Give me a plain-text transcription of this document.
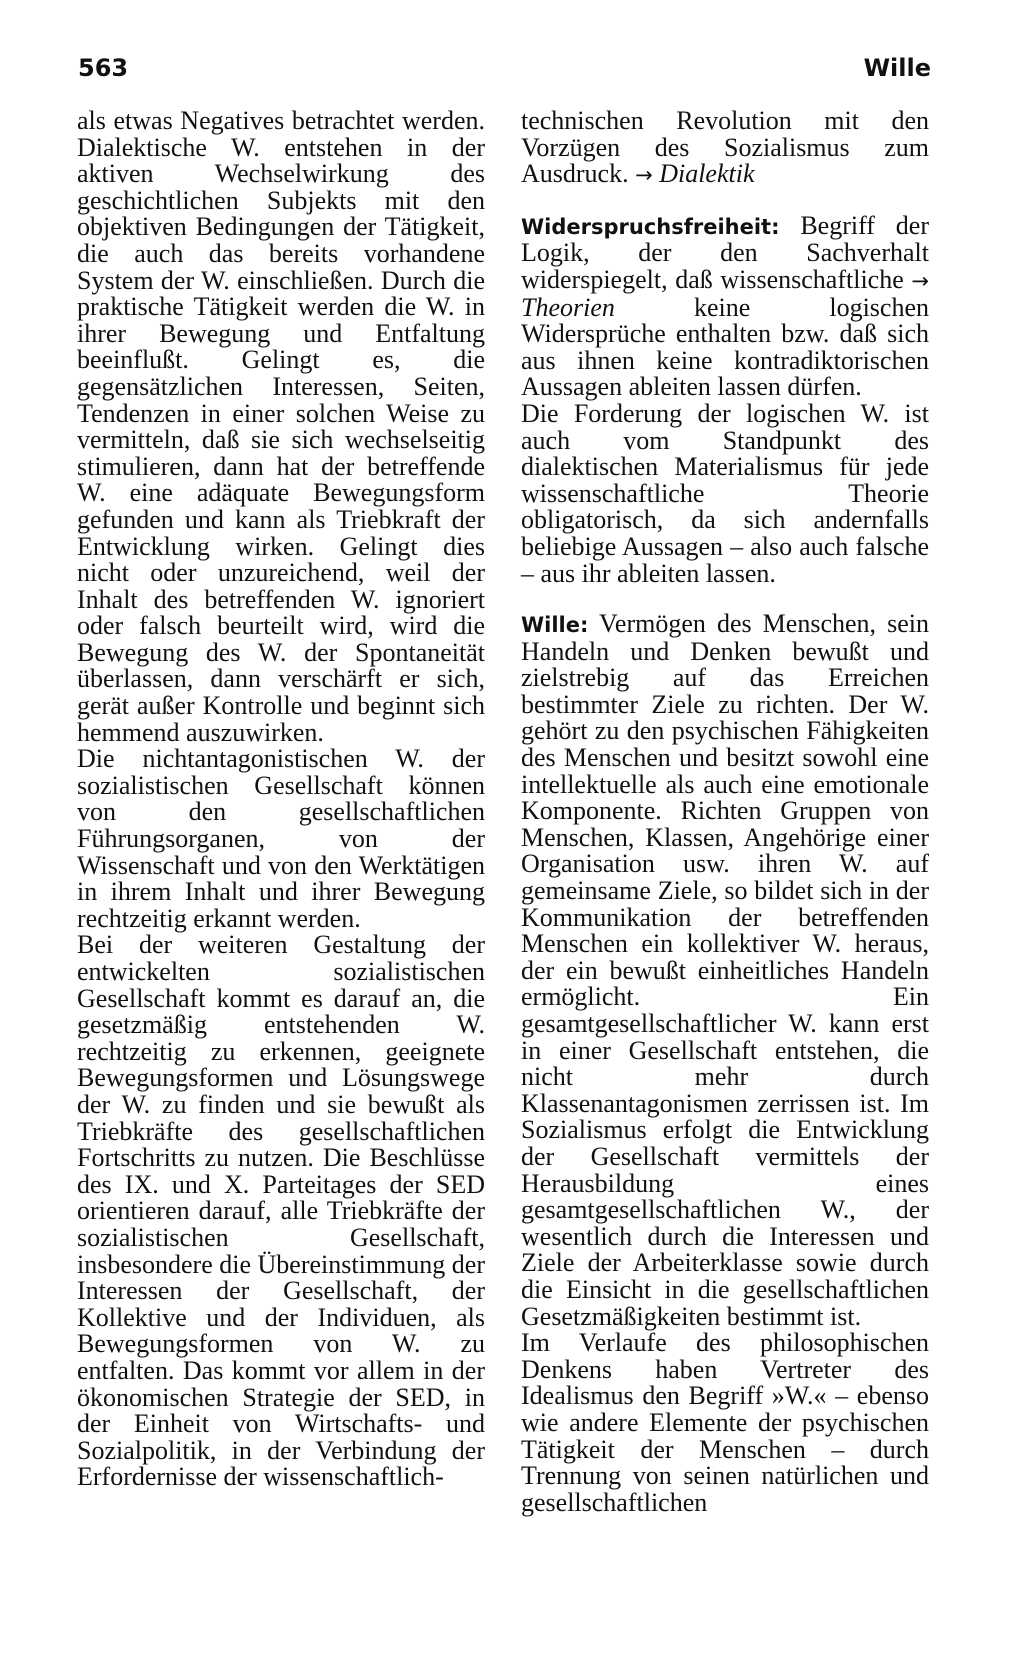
563	Wille

als etwas Negatives betrachtet werden. Dialektische W. entstehen in der aktiven Wechselwirkung des geschichtlichen Subjekts mit den objektiven Bedingungen der Tätigkeit, die auch das bereits vorhandene System der W. einschließen. Durch die praktische Tätigkeit werden die W. in ihrer Bewegung und Entfaltung beeinflußt. Gelingt es, die gegensätzlichen Interessen, Seiten, Tendenzen in einer solchen Weise zu vermitteln, daß sie sich wechselseitig stimulieren, dann hat der betreffende W. eine adäquate Bewegungsform gefunden und kann als Triebkraft der Entwicklung wirken. Gelingt dies nicht oder unzureichend, weil der Inhalt des betreffenden W. ignoriert oder falsch beurteilt wird, wird die Bewegung des W. der Spontaneität überlassen, dann verschärft er sich, gerät außer Kontrolle und beginnt sich hemmend auszuwirken.

Die nichtantagonistischen W. der sozialistischen Gesellschaft können von den gesellschaftlichen Führungsorganen, von der Wissenschaft und von den Werktätigen in ihrem Inhalt und ihrer Bewegung rechtzeitig erkannt werden.

Bei der weiteren Gestaltung der entwickelten sozialistischen Gesellschaft kommt es darauf an, die gesetzmäßig entstehenden W. rechtzeitig zu erkennen, geeignete Bewegungsformen und Lösungswege der W. zu finden und sie bewußt als Triebkräfte des gesellschaftlichen Fortschritts zu nutzen. Die Beschlüsse des IX. und X. Parteitages der SED orientieren darauf, alle Triebkräfte der sozialistischen Gesellschaft, insbesondere die Übereinstimmung der Interessen der Gesellschaft, der Kollektive und der Individuen, als Bewegungsformen von W. zu entfalten. Das kommt vor allem in der ökonomischen Strategie der SED, in der Einheit von Wirtschafts- und Sozialpolitik, in der Verbindung der Erfordernisse der wissenschaftlich-

technischen Revolution mit den Vorzügen des Sozialismus zum Ausdruck. → Dialektik

Widerspruchsfreiheit: Begriff der Logik, der den Sachverhalt widerspiegelt, daß wissenschaftliche → Theorien	keine logischen Widersprüche enthalten bzw. daß sich aus ihnen keine kontradiktorischen Aussagen ableiten lassen dürfen.

Die Forderung der logischen W. ist auch vom Standpunkt des dialektischen Materialismus für jede wissenschaftliche Theorie obligatorisch, da sich andernfalls beliebige Aussagen – also auch falsche – aus ihr ableiten lassen.

Wille: Vermögen des Menschen, sein Handeln und Denken bewußt und zielstrebig auf das Erreichen bestimmter Ziele zu richten. Der W. gehört zu den psychischen Fähigkeiten des Menschen und besitzt sowohl eine intellektuelle als auch eine emotionale Komponente. Richten Gruppen von Menschen, Klassen, Angehörige einer Organisation usw. ihren W. auf gemeinsame Ziele, so bildet sich in der Kommunikation der betreffenden Menschen ein kollektiver W. heraus, der ein bewußt einheitliches Handeln ermöglicht. Ein gesamtgesellschaftlicher W. kann erst in einer Gesellschaft entstehen, die nicht mehr durch Klassenantagonismen zerrissen ist. Im Sozialismus erfolgt die Entwicklung der Gesellschaft vermittels der Herausbildung eines gesamtgesellschaftlichen W., der wesentlich durch die Interessen und Ziele der Arbeiterklasse sowie durch die Einsicht in die gesellschaftlichen Gesetzmäßigkeiten bestimmt ist.

Im Verlaufe des philosophischen Denkens haben Vertreter des Idealismus den Begriff »W.« – ebenso wie andere Elemente der psychischen Tätigkeit der Menschen – durch Trennung von seinen natürlichen und gesellschaftlichen
